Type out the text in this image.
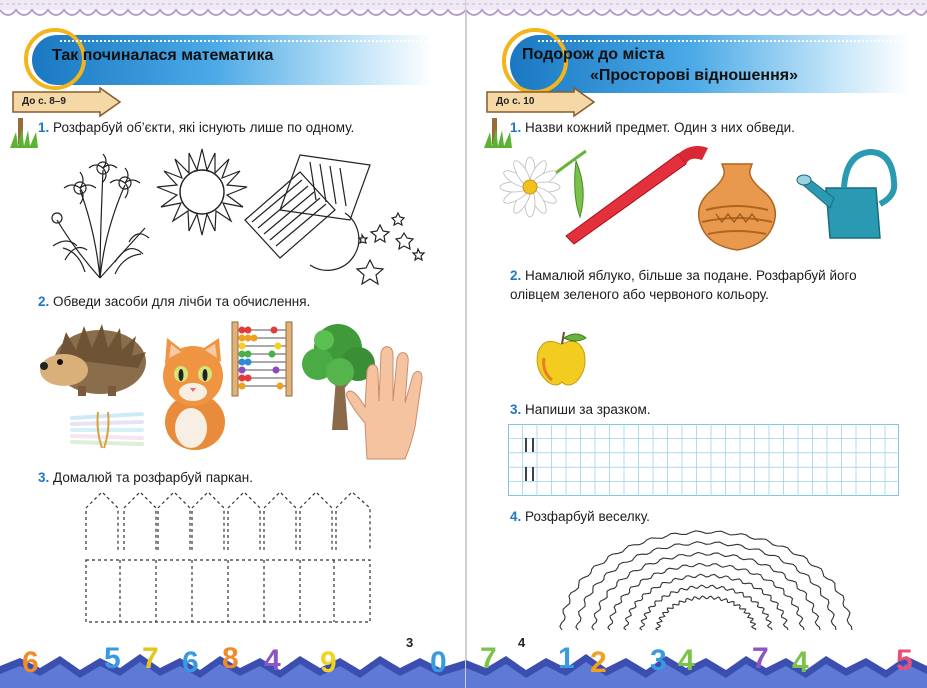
Так починалася математика
До с. 8–9
1. Розфарбуй об’єкти, які існують лише по одному.
2. Обведи засоби для лічби та обчислення.
3. Домалюй та розфарбуй паркан.
6 5 7 6 8 4 9	0
3
Подорож до міста
«Просторові відношення»
До с. 10
1. Назви кожний предмет. Один з них обведи.
2. Намалюй яблуко, більше за подане. Розфарбуй його
олівцем зеленого або червоного кольору.
3. Напиши за зразком.
4. Розфарбуй веселку.
7 1 2 3 4 7 4	5
4
